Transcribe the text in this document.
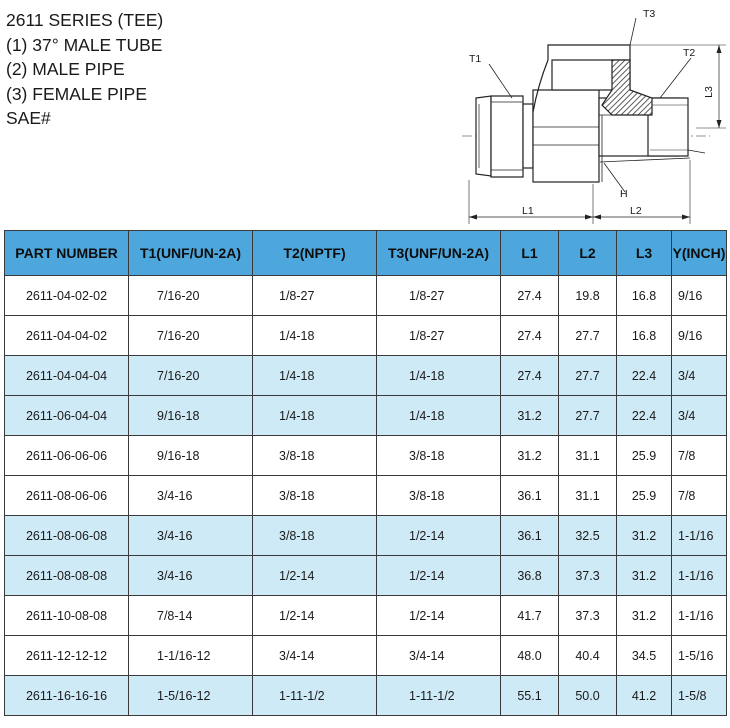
2611 SERIES (TEE)
(1) 37° MALE TUBE
(2) MALE PIPE
(3) FEMALE PIPE
SAE#
T3
T1	T2
L3
H
L1	L2
PART NUMBER	T1(UNF/UN-2A)	T2(NPTF)	T3(UNF/UN-2A)	L1	L2	L3	Y(INCH)
2611-04-02-02	7/16-20	1/8-27	1/8-27	27.4	19.8	16.8	9/16
2611-04-04-02	7/16-20	1/4-18	1/8-27	27.4	27.7	16.8	9/16
2611-04-04-04	7/16-20	1/4-18	1/4-18	27.4	27.7	22.4	3/4
2611-06-04-04	9/16-18	1/4-18	1/4-18	31.2	27.7	22.4	3/4
2611-06-06-06	9/16-18	3/8-18	3/8-18	31.2	31.1	25.9	7/8
2611-08-06-06	3/4-16	3/8-18	3/8-18	36.1	31.1	25.9	7/8
2611-08-06-08	3/4-16	3/8-18	1/2-14	36.1	32.5	31.2	1-1/16
2611-08-08-08	3/4-16	1/2-14	1/2-14	36.8	37.3	31.2	1-1/16
2611-10-08-08	7/8-14	1/2-14	1/2-14	41.7	37.3	31.2	1-1/16
2611-12-12-12	1-1/16-12	3/4-14	3/4-14	48.0	40.4	34.5	1-5/16
2611-16-16-16	1-5/16-12	1-11-1/2	1-11-1/2	55.1	50.0	41.2	1-5/8
